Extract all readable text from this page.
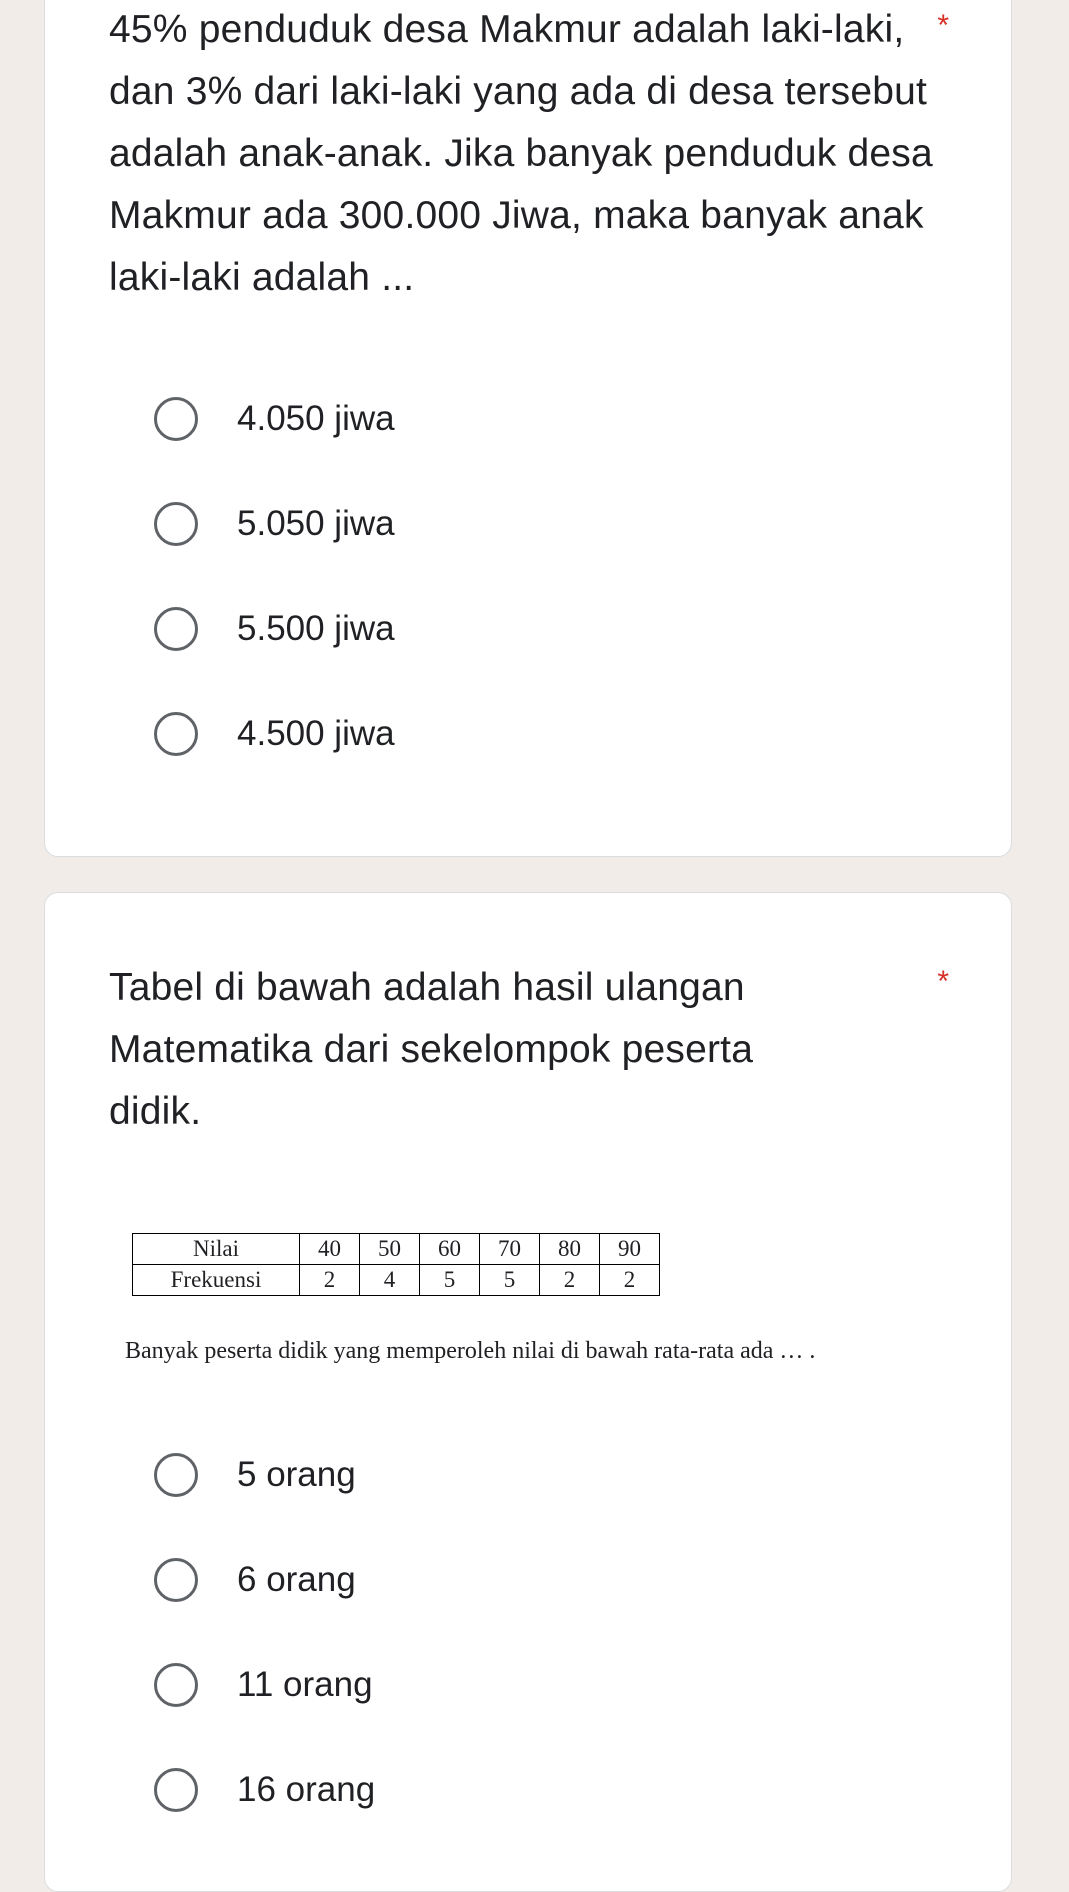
45% penduduk desa Makmur adalah laki-laki, dan 3% dari laki-laki yang ada di desa tersebut adalah anak-anak. Jika banyak penduduk desa Makmur ada 300.000 Jiwa, maka banyak anak laki-laki adalah ...

*
4.050 jiwa
5.050 jiwa
5.500 jiwa
4.500 jiwa

Tabel di bawah adalah hasil ulangan Matematika dari sekelompok peserta didik.

*
Nilai	40	50	60	70	80	90
Frekuensi	2	4	5	5	2	2

Banyak peserta didik yang memperoleh nilai di bawah rata-rata ada … .

5 orang
6 orang
11 orang
16 orang
